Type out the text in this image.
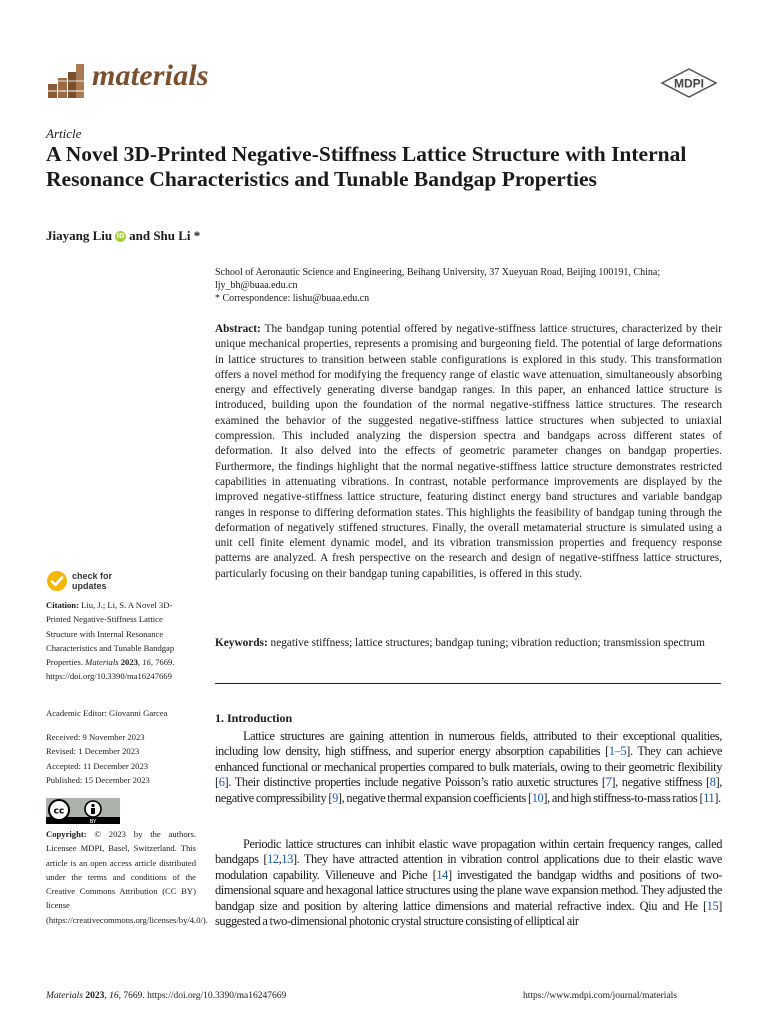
materials	MDPI
Article
A Novel 3D-Printed Negative-Stiffness Lattice Structure with Internal Resonance Characteristics and Tunable Bandgap Properties
Jiayang Liu iD and Shu Li *
School of Aeronautic Science and Engineering, Beihang University, 37 Xueyuan Road, Beijing 100191, China;
ljy_bh@buaa.edu.cn
* Correspondence: lishu@buaa.edu.cn
Abstract: The bandgap tuning potential offered by negative-stiffness lattice structures, characterized by their unique mechanical properties, represents a promising and burgeoning field. The potential of large deformations in lattice structures to transition between stable configurations is explored in this study. This transformation offers a novel method for modifying the frequency range of elastic wave attenuation, simultaneously absorbing energy and effectively generating diverse bandgap ranges. In this paper, an enhanced lattice structure is introduced, building upon the foundation of the normal negative-stiffness lattice structures. The research examined the behavior of the suggested negative-stiffness lattice structures when subjected to uniaxial compression. This included analyzing the dispersion spectra and bandgaps across different states of deformation. It also delved into the effects of geometric parameter changes on bandgap properties. Furthermore, the findings highlight that the normal negative-stiffness lattice structure demonstrates restricted capabilities in attenuating vibrations. In contrast, notable performance improvements are displayed by the improved negative-stiffness lattice structure, featuring distinct energy band structures and variable bandgap ranges in response to differing deformation states. This highlights the feasibility of bandgap tuning through the deformation of negatively stiffened structures. Finally, the overall metamaterial structure is simulated using a unit cell finite element dynamic model, and its vibration transmission properties and frequency response patterns are analyzed. A fresh perspective on the research and design of negative-stiffness lattice structures, particularly focusing on their bandgap tuning capabilities, is offered in this study.
Keywords: negative stiffness; lattice structures; bandgap tuning; vibration reduction; transmission spectrum
1. Introduction
Lattice structures are gaining attention in numerous fields, attributed to their exceptional qualities, including low density, high stiffness, and superior energy absorption capabilities [1–5]. They can achieve enhanced functional or mechanical properties compared to bulk materials, owing to their geometric flexibility [6]. Their distinctive properties include negative Poisson’s ratio auxetic structures [7], negative stiffness [8], negative compressibility [9], negative thermal expansion coefficients [10], and high stiffness-to-mass ratios [11].
Periodic lattice structures can inhibit elastic wave propagation within certain frequency ranges, called bandgaps [12,13]. They have attracted attention in vibration control applications due to their elastic wave modulation capability. Villeneuve and Piche [14] investigated the bandgap widths and positions of two-dimensional square and hexagonal lattice structures using the plane wave expansion method. They adjusted the bandgap size and position by altering lattice dimensions and material refractive index. Qiu and He [15] suggested a two-dimensional photonic crystal structure consisting of elliptical air
check for
updates
Citation: Liu, J.; Li, S. A Novel 3D-Printed Negative-Stiffness Lattice Structure with Internal Resonance Characteristics and Tunable Bandgap Properties. Materials 2023, 16, 7669. https://doi.org/10.3390/ma16247669
Academic Editor: Giovanni Garcea
Received: 9 November 2023
Revised: 1 December 2023
Accepted: 11 December 2023
Published: 15 December 2023
cc
BY
Copyright: © 2023 by the authors. Licensee MDPI, Basel, Switzerland. This article is an open access article distributed under the terms and conditions of the Creative Commons Attribution (CC BY) license (https://creativecommons.org/licenses/by/4.0/).
Materials 2023, 16, 7669. https://doi.org/10.3390/ma16247669	https://www.mdpi.com/journal/materials
